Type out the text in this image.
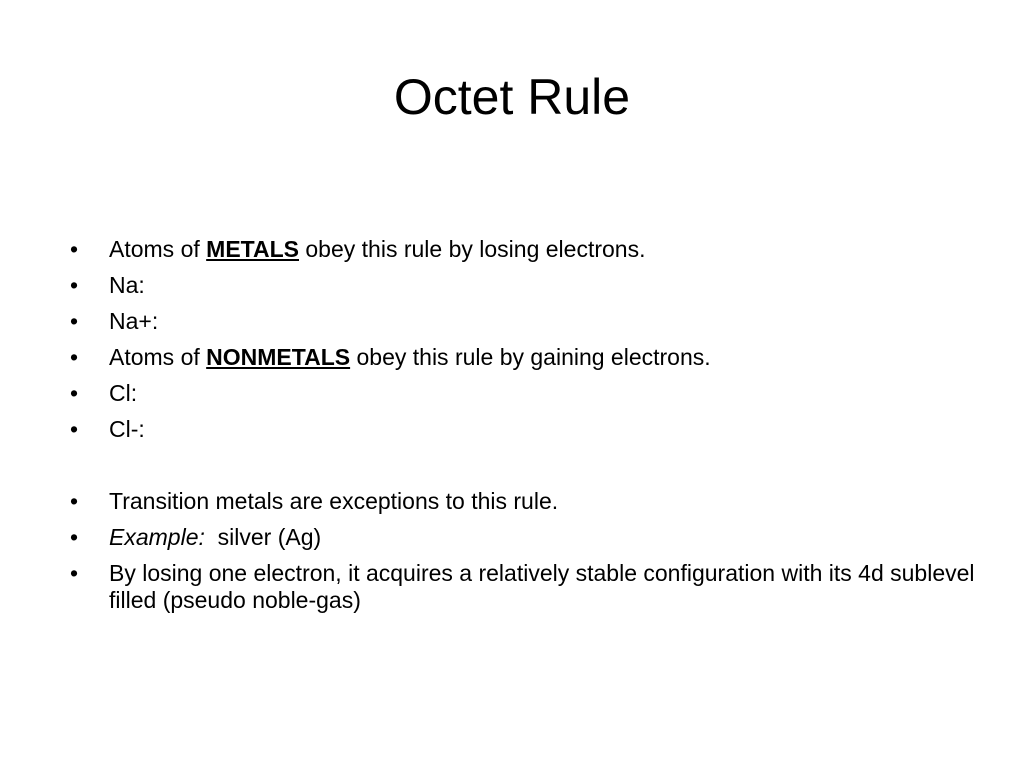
Octet Rule
• Atoms of METALS obey this rule by losing electrons.
• Na:
• Na+:
• Atoms of NONMETALS obey this rule by gaining electrons.
• Cl:
• Cl-:
• Transition metals are exceptions to this rule.
• Example:  silver (Ag)
• By losing one electron, it acquires a relatively stable configuration with its 4d sublevel filled (pseudo noble-gas)
